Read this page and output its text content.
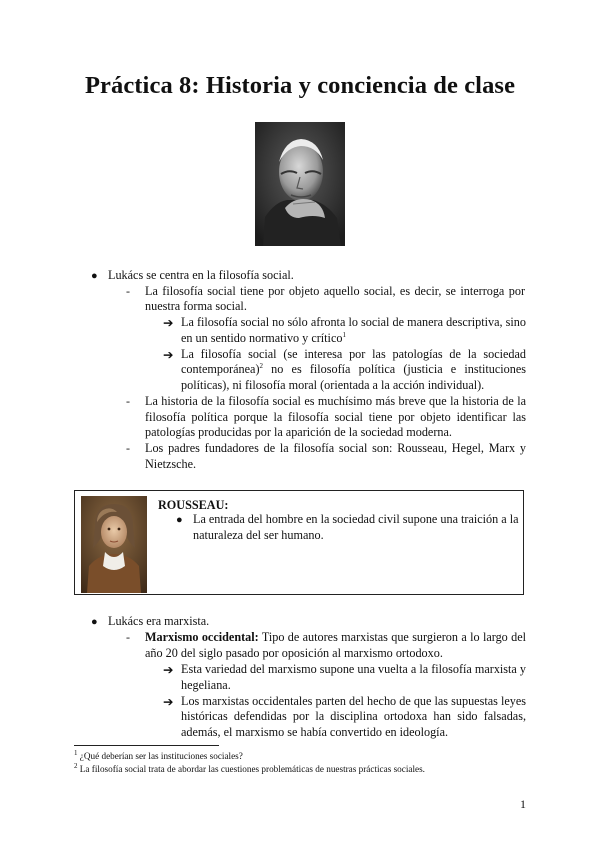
Práctica 8: Historia y conciencia de clase
● Lukács se centra en la filosofía social.
- La filosofía social tiene por objeto aquello social, es decir, se interroga por
nuestra forma social.
➔ La filosofía social no sólo afronta lo social de manera descriptiva, sino
en un sentido normativo y crítico$^1$
➔ La filosofía social (se interesa por las patologías de la sociedad
contemporánea)$^2$ no es filosofía política (justicia e instituciones
políticas), ni filosofía moral (orientada a la acción individual).
- La historia de la filosofía social es muchísimo más breve que la historia de la
filosofía política porque la filosofía social tiene por objeto identificar las
patologías producidas por la aparición de la sociedad moderna.
- Los padres fundadores de la filosofía social son: Rousseau, Hegel, Marx y
Nietzsche.
ROUSSEAU:
● La entrada del hombre en la sociedad civil supone una traición a la
naturaleza del ser humano.
● Lukács era marxista.
- Marxismo occidental: Tipo de autores marxistas que surgieron a lo largo del
año 20 del siglo pasado por oposición al marxismo ortodoxo.
➔ Esta variedad del marxismo supone una vuelta a la filosofía marxista y
hegeliana.
➔ Los marxistas occidentales parten del hecho de que las supuestas leyes
históricas defendidas por la disciplina ortodoxa han sido falsadas,
además, el marxismo se había convertido en ideología.
$^1$ ¿Qué deberían ser las instituciones sociales?
$^2$ La filosofía social trata de abordar las cuestiones problemáticas de nuestras prácticas sociales.
1
